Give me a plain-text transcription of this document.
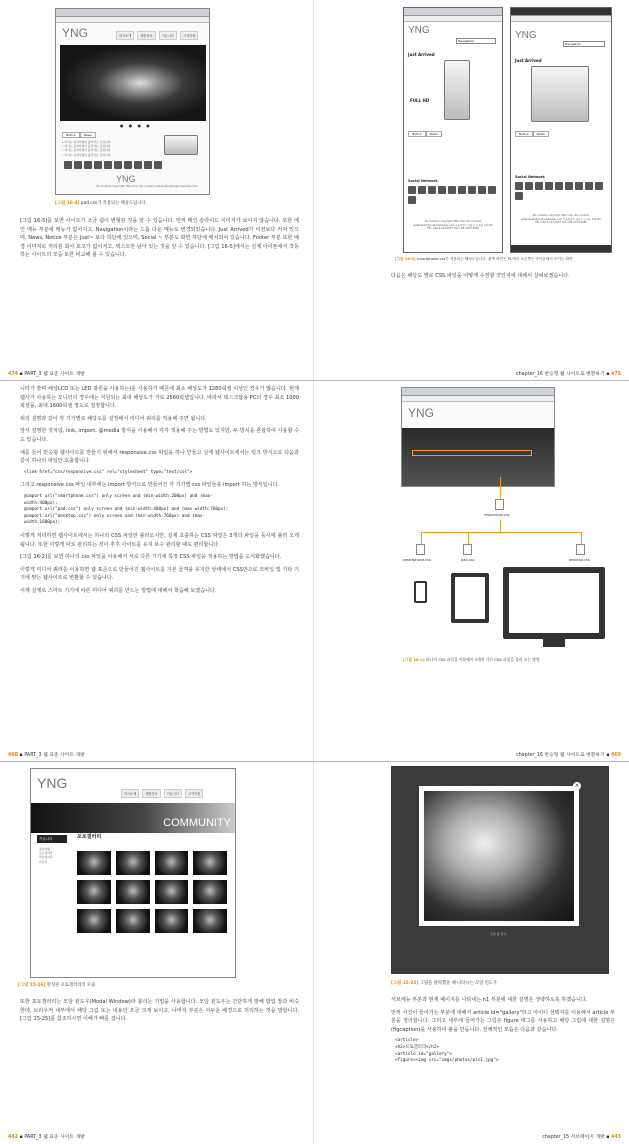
YNG	회사소개	제품정보	커뮤니티	고객지원
● ● ● ●
Notice	News
• 여기는 공지사항이 올라가는 곳입니다.
• 여기는 공지사항이 올라가는 곳입니다.
• 여기는 공지사항이 올라가는 곳입니다.
• 여기는 공지사항이 올라가는 곳입니다.
YNG
All contents copyright YNG Corp. Itd. Contact webmaster@yngknowledge.com
[그림 16-4] pad.css가 적용되는 해상도입니다.

[그림 16-5]를 보면 사이트가 조금 쉽이 변형된 것을 알 수 있습니다. 먼저 메인 슬라이드 이미지가 보이지 않습니다. 또한 메인 메뉴 부분에 메뉴가 없어지고, Navigation이라는 드롭 다운 메뉴로 변경되었습니다. Just Arrived가 이전보다 커져 있으며, News, Notice 부분은 Just~ 보다 하단에 있으며, Social ~ 부분도 화면 하단에 배치되어 있습니다. Footer 부분 또한 배경 이미지로 처리된 회사 로고가 없어지고, 텍스트만 남아 있는 것을 알 수 있습니다. [그림 16-5]에서는 실제 아이폰에서 작동하는 사이트의 모습 또한 비교해 볼 수 있습니다.

474 ▪ PART_3 웹 표준 사이트 개발
YNG
Navigation
Just Arrived
FULL HD
Notice	News
Social Network
All contents copyright YNG Corp. Itd. Contact webmaster@yngknowledge.com 서울특별시 강남구 도곡동 123-45 TEL:+82-2-123-4567 Fax:+82-2123-4568
YNG
Navigation
Just Arrived
Notice	News
Social Network
All contents copyright YNG Corp. Itd. Contact webmaster@yngknowledge.com 서울특별시 강남구 도곡동 123-45 TEL:+82-2-123-4567 Fax:+82-2123-4568
[그림 16-5] smartphone.css가 적용되는 해상도입니다. 왼쪽 화면은 PC에서 오른쪽은 아이폰에서 보이는 화면

다음은 해당도 별로 CSS 파일을 어떻게 수정할 것인지에 대해서 살펴보겠습니다.

chapter_16 반응형 웹 사이트로 변환하기 ▪ 475

니터가 쓸며 해상LCD 또는 LED 광원을 사용하는)를 사용하기 때문에 최소 해상도가 1280픽셀 이상인 경우가 많습니다. 현재 웹사가 사용하는 모니터의 경우에는 지원되는 최대 해상도가 가로 2560픽셀입니다. 따라서 데스크탑용 PC의 경우 최소 1000픽셀을, 최대 1600픽셀 정도로 설정합니다.

위의 설명과 같이 각 기기별로 해당도를 설정해서 미디어 쿼리를 적용해 주면 됩니다.

앞서 설명한 것처럼, link, import, @media 방식을 이용해서 각각 적용해 주는 방법도 있지만, 두 방식을 혼합하여 사용할 수도 있습니다.

예를 들어 반응형 웹사이트를 만들기 위해서 responsive.css 파일을 하나 만들고 실제 웹사이트에서는 링크 방식으로 다음과 같이 하나의 파일만 호출합니다.

<link href="css/responsive.css" rel="stylesheet" type="text/css">

그리고 responsive.css 파일 내부에는 import 방식으로 만들어진 각 기기별 css 파일들을 import 하는 방식입니다.

@import url("smartphone.css") only screen and (min-width:200px) and (max-
width:400px);
@import url("pad.css") only screen and (min-width:400px) and (max-width:760px);
@import url("desktop.css") only screen and (min-width:760px) and (max-
width:1600px);

이렇게 처리하면 웹사이트에서는 하나의 CSS 파일만 불러오지만, 실제 호출하는 CSS 파일은 3개의 파일을 동시에 불러 오게 됩니다. 또한 이렇게 따로 관리하는 것이 추후 사이트를 유지 보수 관리할 때도 편리합니다.

[그림 16-2]를 보면 하나의 css 파일을 이용해서 서로 다른 기기에 특정 CSS 파일을 적용하는 방법을 도식화했습니다.

이렇게 미디어 쿼리를 이용하면 웹 표준으로 만들어진 웹사이트를 기본 골격을 유지한 상태에서 CSS만으로 모바일 및 기타 기기에 맞는 웹사이트로 변환할 수 있습니다.

이제 실제로 스마트 기기에 따른 미디어 쿼리를 만드는 방법에 대해서 학습해 보겠습니다.

468 ▪ PART_3 웹 표준 사이트 개발
YNG
responsive.css
smartphone.css	pad.css	desktop.css
[그림 16-2] 하나의 CSS 파일을 이용해서 3개의 다른 CSS 파일을 불러 오는 방법
chapter_16 반응형 웹 사이트로 변환하기 ▪ 469
YNG
회사소개	제품정보	커뮤니티	고객지원
COMMUNITY
커뮤니티
공지사항
포토갤러리
자유게시판
자료실
포토갤러리
[그림 15-26] 완성된 포토갤러리의 모습

또한 포토갤러리는 모달 윈도우(Modal Window)라 불리는 기법을 사용합니다. 모달 윈도우는 간단하게 말해 팝업 창과 비슷한데, 브라우저 내부에서 해당 그림 또는 내용만 조금 크게 보이고, 나머지 부분은 어두운 배경으로 처리하는 것을 말합니다. [그림 15-25]를 참조하시면 이해가 빠를 겁니다.

442 ▪ PART_3 웹 표준 사이트 개발
×
모달 창 닫기
[그림 15-25] 그림을 클릭했을 때 나타나는 모달 윈도우

서브메뉴 부분과 현재 페이지를 나타내는 h1 부분에 대한 설명은 생략하도록 하겠습니다.

먼저 사진이 들어가는 부분에 대해서 article id="gallery"라고 아이디 선택자를 이용해서 article 부분을 정의합니다. 그리고 내부에 들어가는 그림은 figure 태그를 사용하고 해당 그림에 대한 설명은 (figcaption)을 사용하여 붙을 만듭니다. 전체적인 모습은 다음과 같습니다.

<article>
<h2>포토갤러리</h2>
<article id="gallery">
<figure><img src="imgs/photos/pic1.jpg">
chapter_15 서브페이지 개발 ▪ 443
